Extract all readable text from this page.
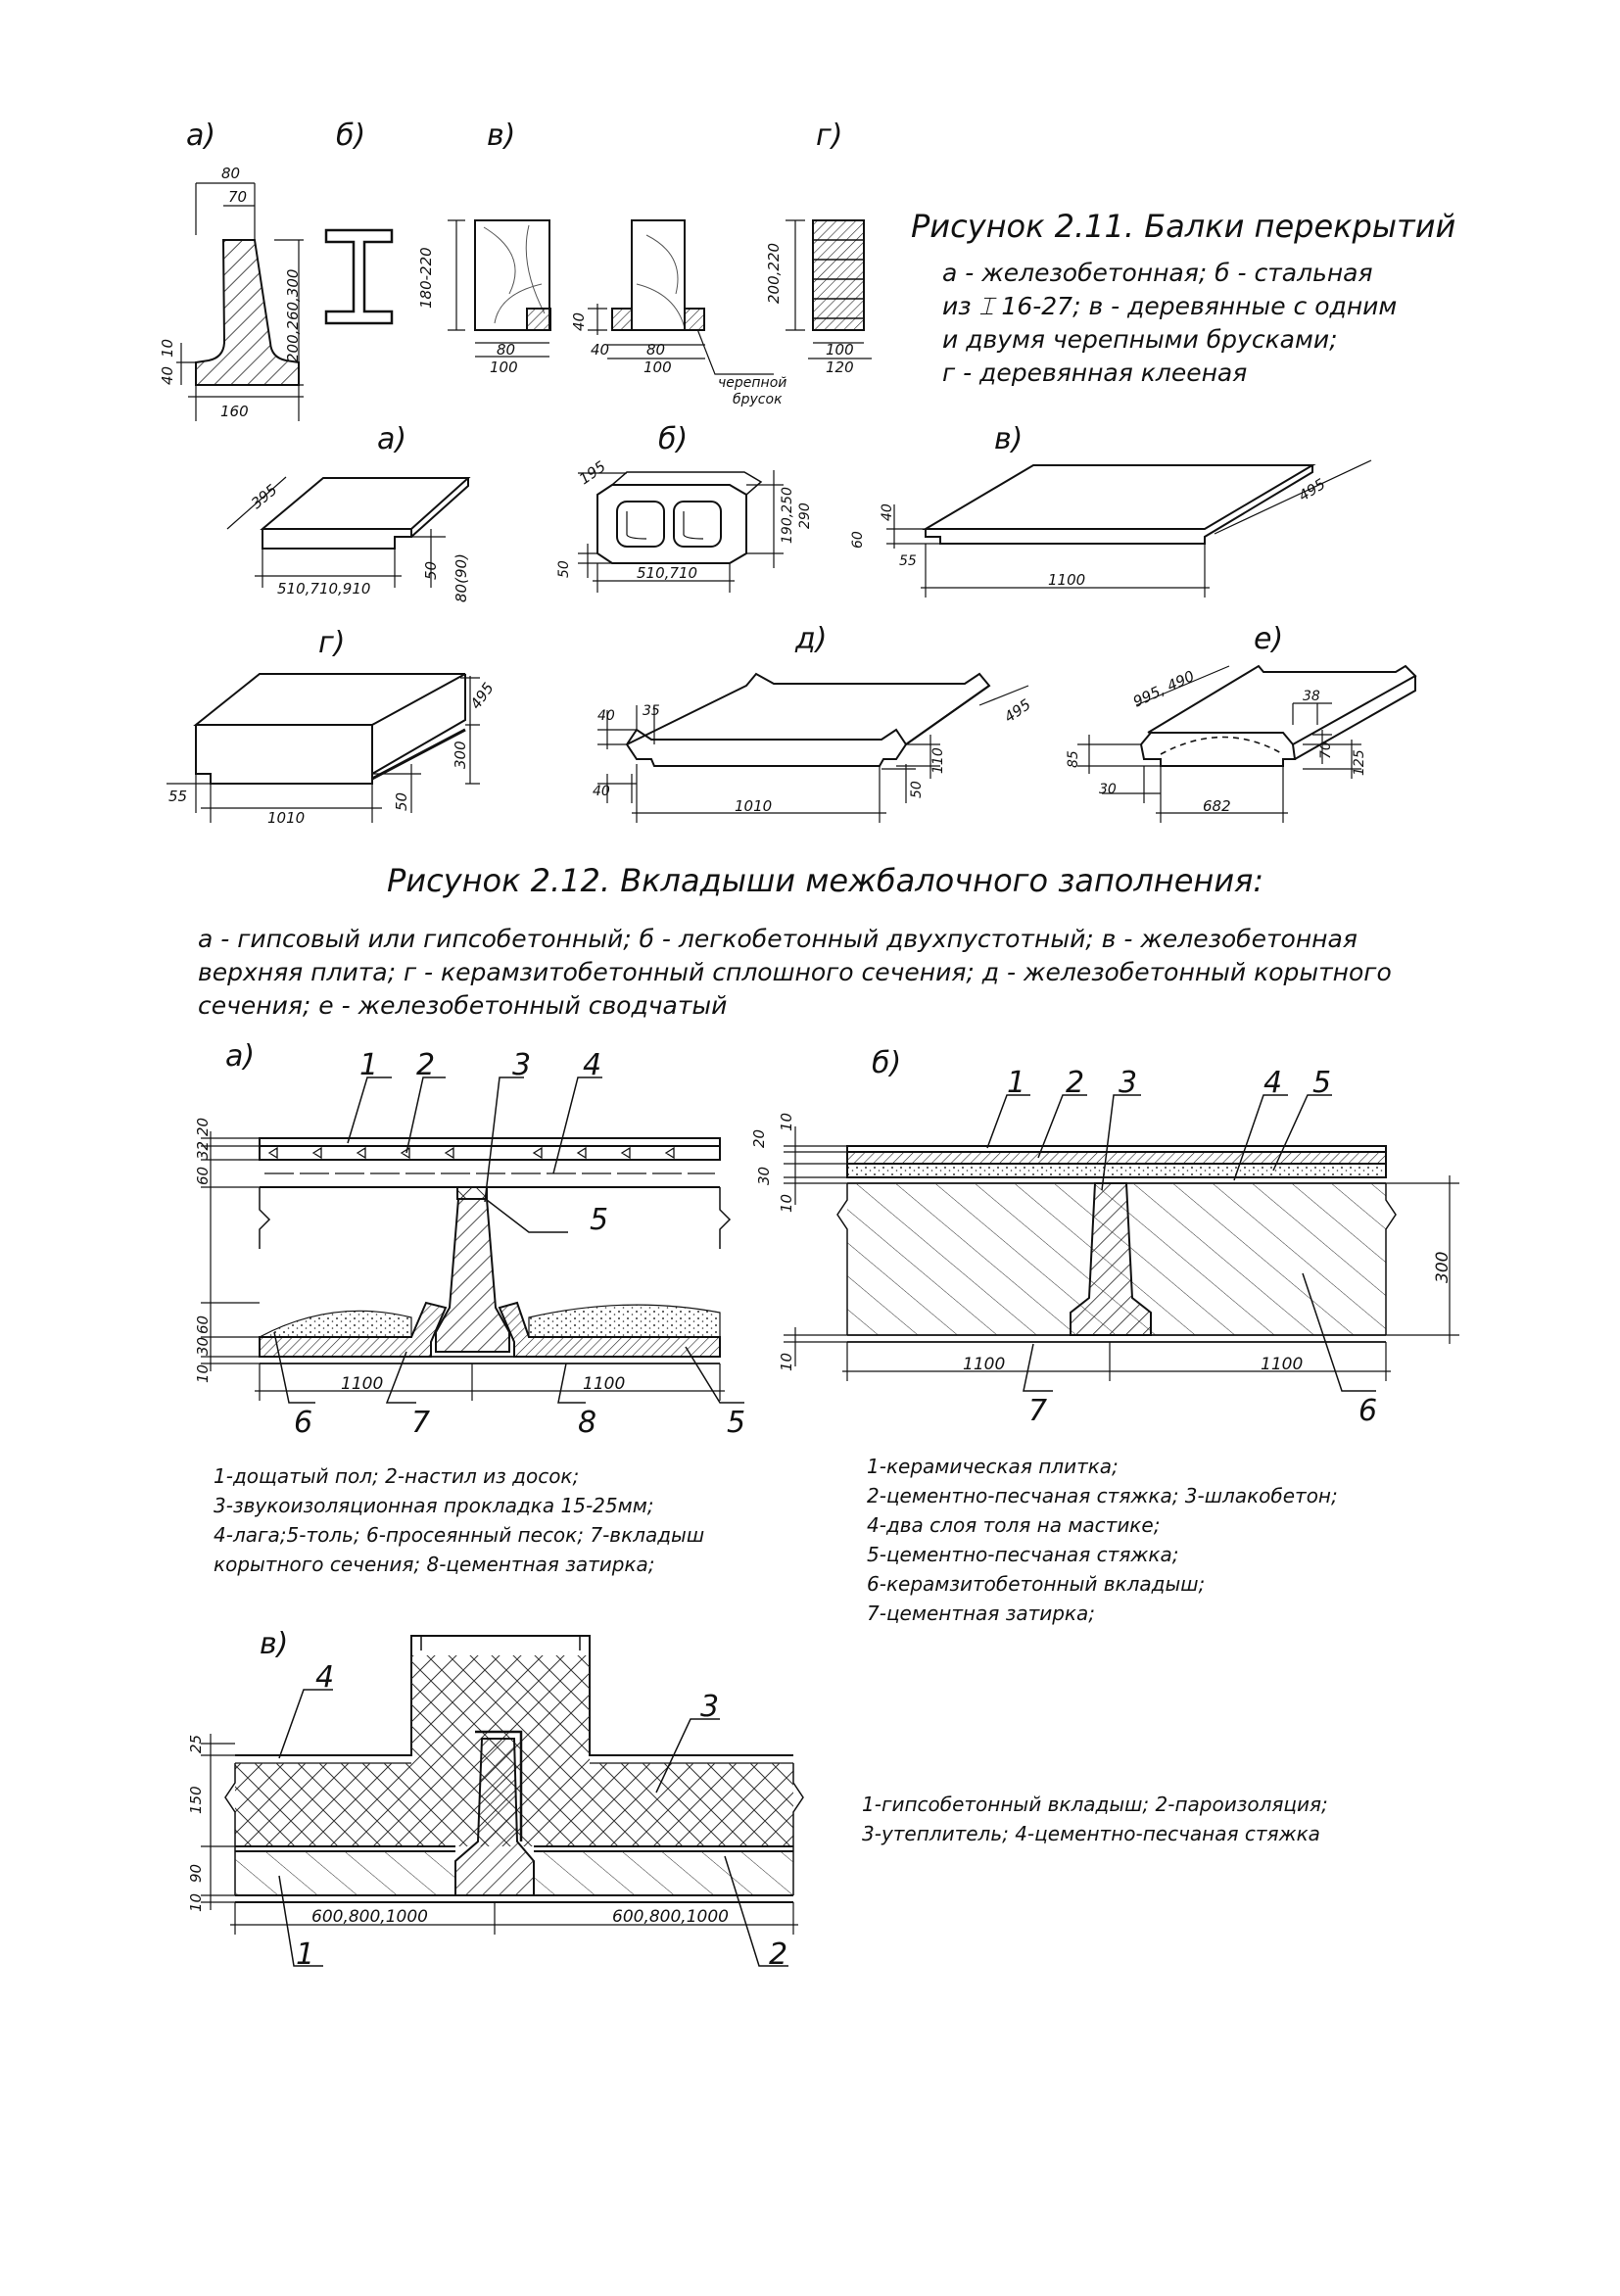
а)
80
70
200,260,300
10
40
160
б)	в)
180-220
80
100
40
40	80
100
черепной
брусок
г)
200,220
100
120
а)
395
510,710,910
50 80(90)
б)
195
190,250 290
50	510,710
в)
40
60
55
1100
495
г)
495
300
55	50
1010
д)
40 35	495
110
50
40
1010
е)
995, 490	38
70 125
85
30
682
а)
20
32
60
60
30
10
1100	1100
1 2	3 4
5
6	7	8	5
б)
20
10
30
10
10
300
1100	1100
1 2 3	4 5
6
7
в)
25
150
90
10
600,800,1000	600,800,1000
4
3
1	2
Рисунок 2.11. Балки перекрытий
а - железобетонная; б - стальная
из ⌶ 16-27; в - деревянные с одним
и двумя черепными брусками;
г - деревянная клееная
Рисунок 2.12. Вкладыши межбалочного заполнения:
а - гипсовый или гипсобетонный; б - легкобетонный двухпустотный; в - железобетонная
верхняя плита; г - керамзитобетонный сплошного сечения; д - железобетонный корытного
сечения; е - железобетонный сводчатый
1-дощатый пол; 2-настил из досок;
3-звукоизоляционная прокладка 15-25мм;
4-лага;5-толь; 6-просеянный песок; 7-вкладыш
корытного сечения; 8-цементная затирка;
1-керамическая плитка;
2-цементно-песчаная стяжка; 3-шлакобетон;
4-два слоя толя на мастике;
5-цементно-песчаная стяжка;
6-керамзитобетонный вкладыш;
7-цементная затирка;
1-гипсобетонный вкладыш; 2-пароизоляция;
3-утеплитель; 4-цементно-песчаная стяжка
